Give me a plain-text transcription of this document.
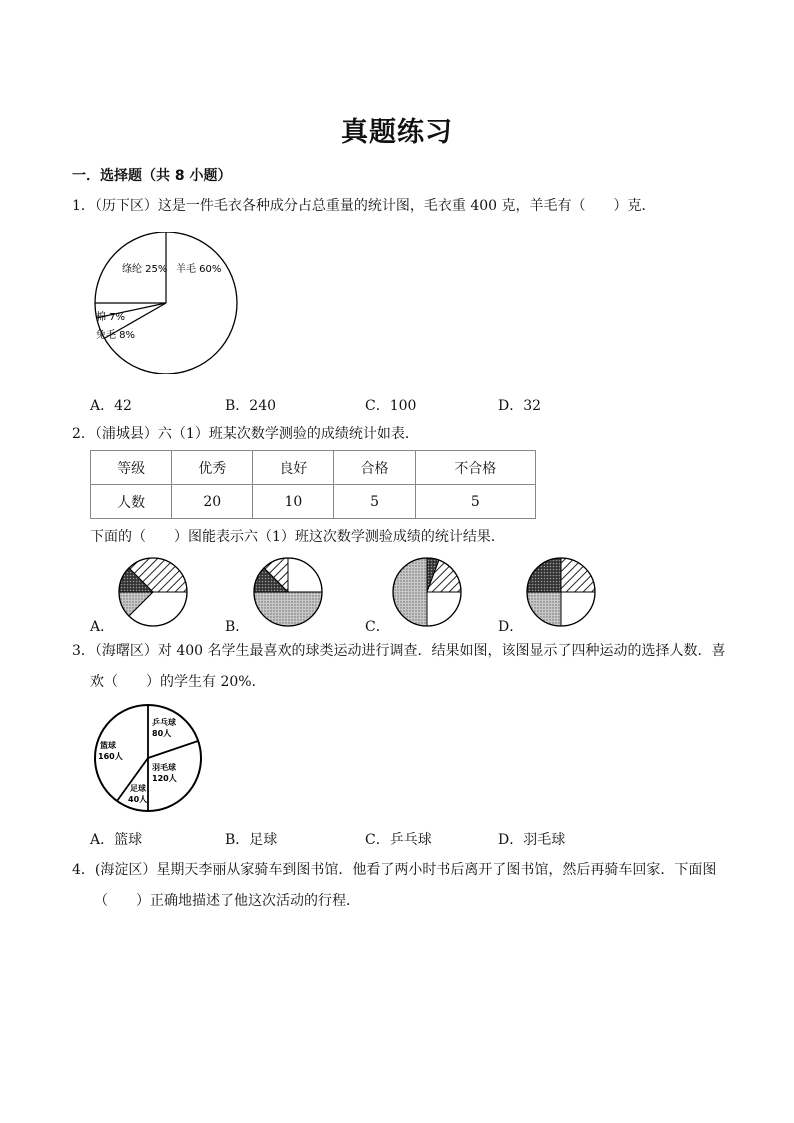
真题练习
一．选择题（共 8 小题）
1．（历下区）这是一件毛衣各种成分占总重量的统计图，毛衣重 400 克，羊毛有（　　）克．
羊毛 60%
绦纶 25%
棉 7%
兔毛 8%
A．42	B．240	C．100	D．32
2．（浦城县）六（1）班某次数学测验的成绩统计如表．
等级	优秀	良好	合格	不合格
人数	20	10	5	5
下面的（　　）图能表示六（1）班这次数学测验成绩的统计结果．
A．	B．	C．	D．
3．（海曙区）对 400 名学生最喜欢的球类运动进行调查．结果如图，该图显示了四种运动的选择人数．喜
欢（　　）的学生有 20%．
乒乓球
80人
羽毛球
120人
足球
40人
篮球
160人
A．篮球	B．足球	C．乒乓球	D．羽毛球
4．(海淀区）星期天李丽从家骑车到图书馆．他看了两小时书后离开了图书馆，然后再骑车回家．下面图
（　　）正确地描述了他这次活动的行程．
